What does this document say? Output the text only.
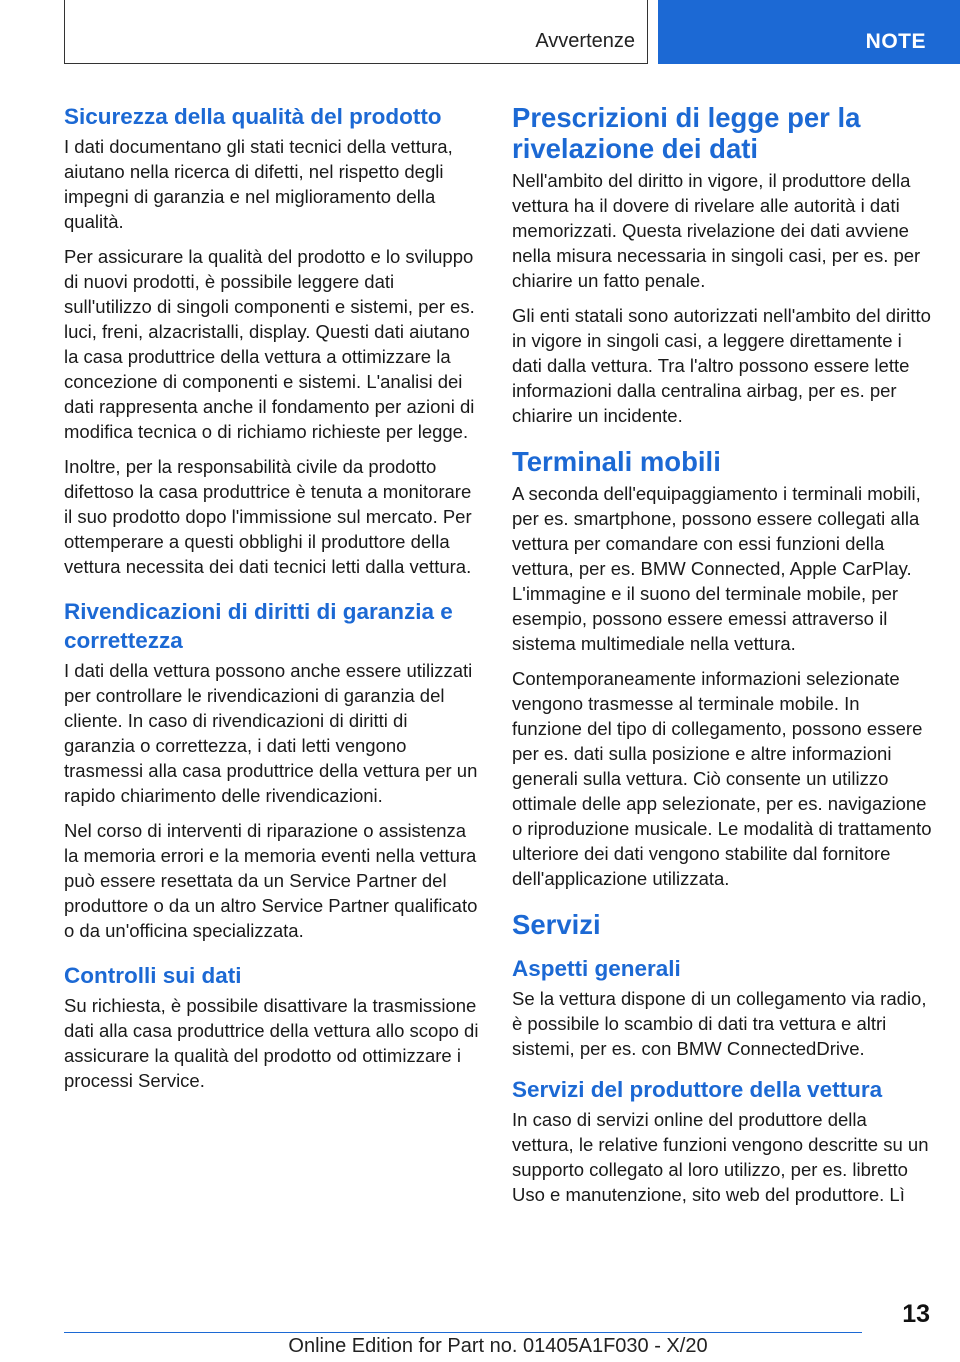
Avvertenze	NOTE
Sicurezza della qualità del prodotto

I dati documentano gli stati tecnici della vettura, aiutano nella ricerca di difetti, nel rispetto degli impegni di garanzia e nel miglioramento della qualità.

Per assicurare la qualità del prodotto e lo sviluppo di nuovi prodotti, è possibile leggere dati sull'utilizzo di singoli componenti e sistemi, per es. luci, freni, alzacristalli, display. Questi dati aiutano la casa produttrice della vettura a ottimizzare la concezione di componenti e sistemi. L'analisi dei dati rappresenta anche il fondamento per azioni di modifica tecnica o di richiamo richieste per legge.

Inoltre, per la responsabilità civile da prodotto difettoso la casa produttrice è tenuta a monitorare il suo prodotto dopo l'immissione sul mercato. Per ottemperare a questi obblighi il produttore della vettura necessita dei dati tecnici letti dalla vettura.

Rivendicazioni di diritti di garanzia e correttezza

I dati della vettura possono anche essere utilizzati per controllare le rivendicazioni di garanzia del cliente. In caso di rivendicazioni di diritti di garanzia o correttezza, i dati letti vengono trasmessi alla casa produttrice della vettura per un rapido chiarimento delle rivendicazioni.

Nel corso di interventi di riparazione o assistenza la memoria errori e la memoria eventi nella vettura può essere resettata da un Service Partner del produttore o da un altro Service Partner qualificato o da un'officina specializzata.

Controlli sui dati

Su richiesta, è possibile disattivare la trasmissione dati alla casa produttrice della vettura allo scopo di assicurare la qualità del prodotto od ottimizzare i processi Service.

Prescrizioni di legge per la rivelazione dei dati

Nell'ambito del diritto in vigore, il produttore della vettura ha il dovere di rivelare alle autorità i dati memorizzati. Questa rivelazione dei dati avviene nella misura necessaria in singoli casi, per es. per chiarire un fatto penale.

Gli enti statali sono autorizzati nell'ambito del diritto in vigore in singoli casi, a leggere direttamente i dati dalla vettura. Tra l'altro possono essere lette informazioni dalla centralina airbag, per es. per chiarire un incidente.

Terminali mobili

A seconda dell'equipaggiamento i terminali mobili, per es. smartphone, possono essere collegati alla vettura per comandare con essi funzioni della vettura, per es. BMW Connected, Apple CarPlay. L'immagine e il suono del terminale mobile, per esempio, possono essere emessi attraverso il sistema multimediale nella vettura.

Contemporaneamente informazioni selezionate vengono trasmesse al terminale mobile. In funzione del tipo di collegamento, possono essere per es. dati sulla posizione e altre informazioni generali sulla vettura. Ciò consente un utilizzo ottimale delle app selezionate, per es. navigazione o riproduzione musicale. Le modalità di trattamento ulteriore dei dati vengono stabilite dal fornitore dell'applicazione utilizzata.

Servizi
Aspetti generali

Se la vettura dispone di un collegamento via radio, è possibile lo scambio di dati tra vettura e altri sistemi, per es. con BMW ConnectedDrive.

Servizi del produttore della vettura

In caso di servizi online del produttore della vettura, le relative funzioni vengono descritte su un supporto collegato al loro utilizzo, per es. libretto Uso e manutenzione, sito web del produttore. Lì

13
Online Edition for Part no. 01405A1F030 - X/20
